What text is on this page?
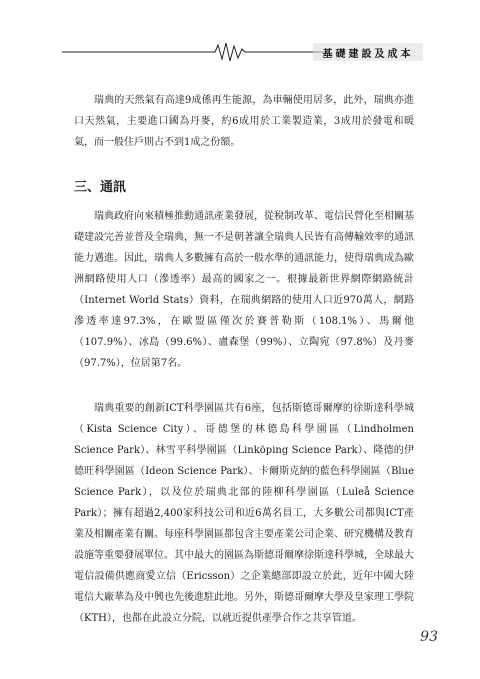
基礎建設及成本

瑞典的天然氣有高達9成係再生能源，為車輛使用居多，此外，瑞典亦進口天然氣，主要進口國為丹麥，約6成用於工業製造業，3成用於發電和暖氣，而一般住戶則占不到1成之份額。

三、通訊

瑞典政府向來積極推動通訊產業發展，從稅制改革、電信民營化至相關基礎建設完善並普及全瑞典，無一不是朝著讓全瑞典人民皆有高傳輸效率的通訊能力邁進。因此，瑞典人多數擁有高於一般水準的通訊能力，使得瑞典成為歐洲網路使用人口（滲透率）最高的國家之一。根據最新世界網際網路統計（Internet World Stats）資料，在瑞典網路的使用人口近970萬人，網路滲透率達97.3%，在歐盟區僅次於賽普勒斯（108.1%）、馬爾他（107.9%）、冰島（99.6%）、盧森堡（99%）、立陶宛（97.8%）及丹麥（97.7%），位居第7名。

瑞典重要的創新ICT科學園區共有6座，包括斯德哥爾摩的徐斯達科學城（Kista Science City）、哥德堡的林德島科學園區（Lindholmen Science Park）、林雪平科學園區（Linköping Science Park）、隆德的伊德旺科學園區（Ideon Science Park）、卡爾斯克納的藍色科學園區（Blue Science Park），以及位於瑞典北部的陸柳科學園區（Luleå Science Park）；擁有超過2,400家科技公司和近6萬名員工，大多數公司都與ICT產業及相關產業有關。每座科學園區都包含主要產業公司企業、研究機構及教育設施等重要發展單位。其中最大的園區為斯德哥爾摩徐斯達科學城，全球最大電信設備供應商愛立信（Ericsson）之企業總部即設立於此，近年中國大陸電信大廠華為及中興也先後進駐此地。另外，斯德哥爾摩大學及皇家理工學院（KTH），也都在此設立分院，以就近提供產學合作之共享管道。

93
